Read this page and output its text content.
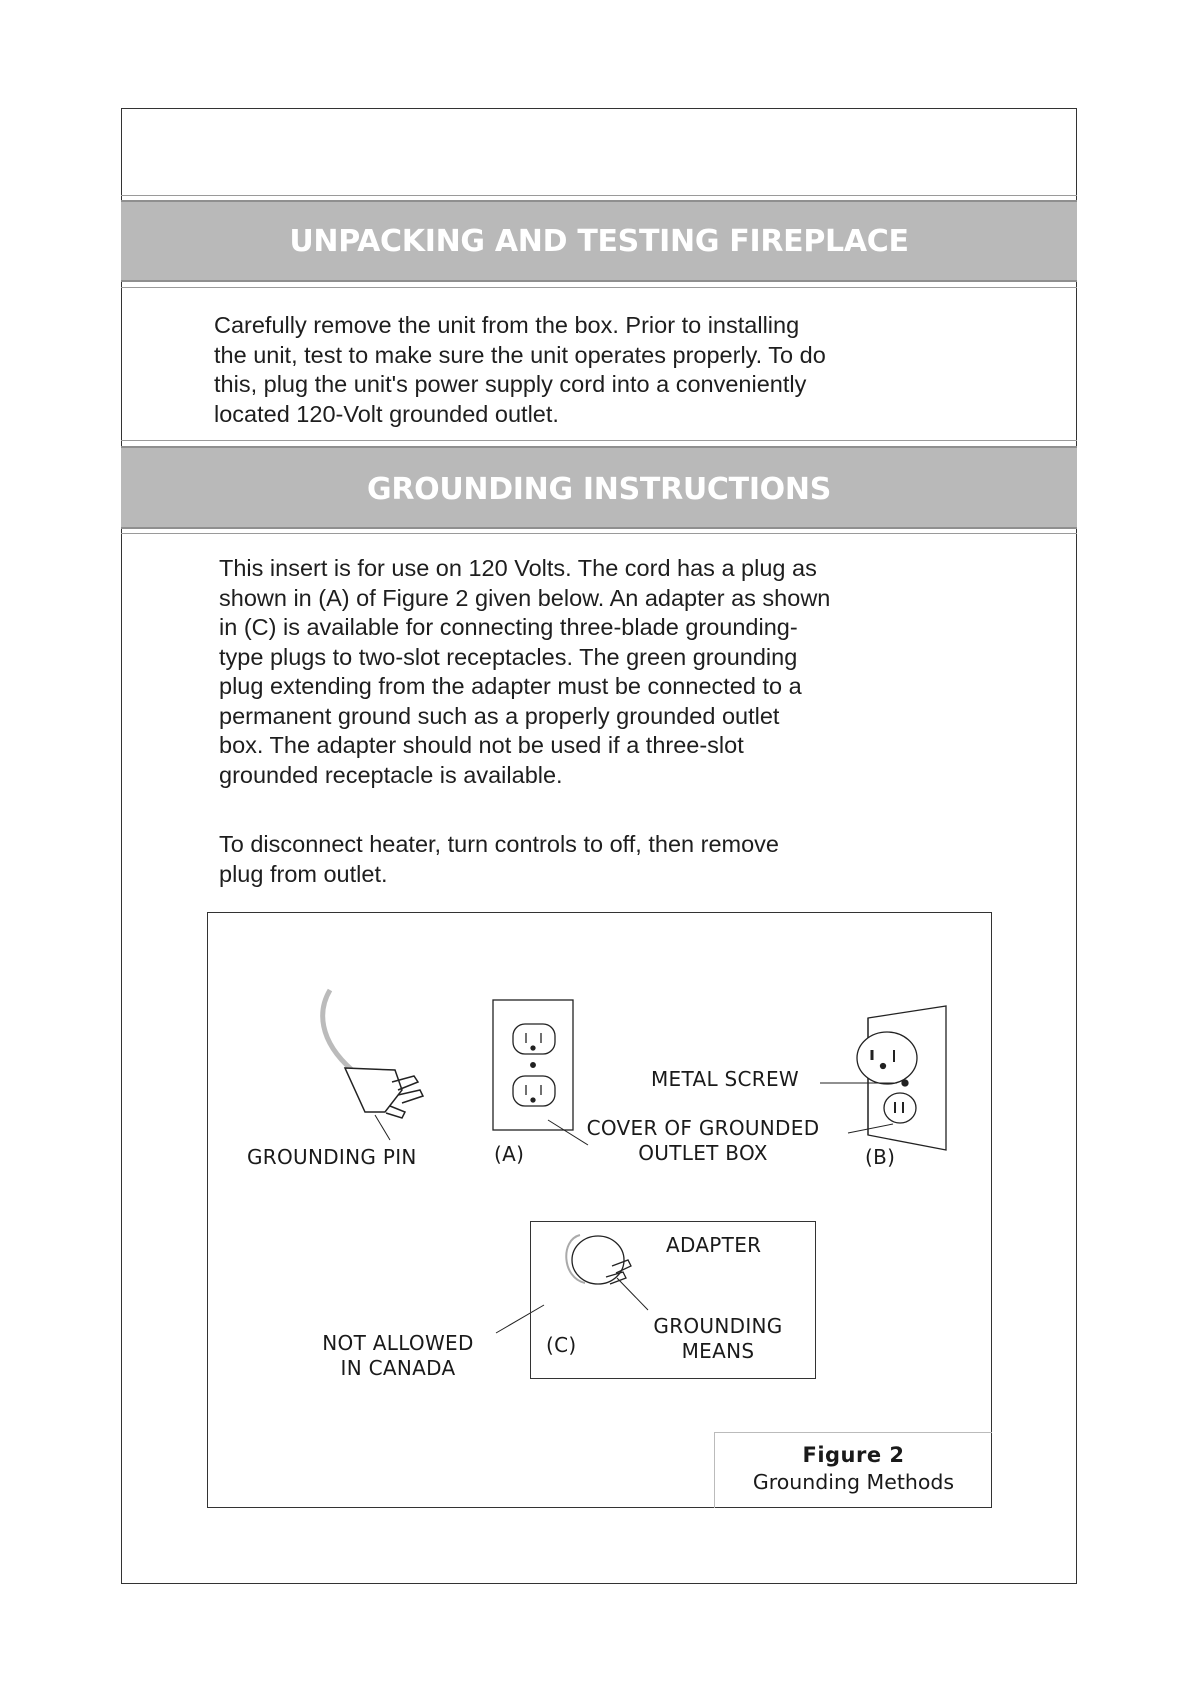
UNPACKING AND TESTING FIREPLACE
Carefully remove the unit from the box. Prior to installing
the unit, test to make sure the unit operates properly. To do
this, plug the unit's power supply cord into a conveniently
located 120-Volt grounded outlet.
GROUNDING INSTRUCTIONS
This insert is for use on 120 Volts. The cord has a plug as
shown in (A) of Figure 2 given below. An adapter as shown
in (C) is available for connecting three-blade grounding-
type plugs to two-slot receptacles. The green grounding
plug extending from the adapter must be connected to a
permanent ground such as a properly grounded outlet
box. The adapter should not be used if a three-slot
grounded receptacle is available.
To disconnect heater, turn controls to off, then remove
plug from outlet.
GROUNDING PIN	(A)
METAL SCREW
COVER OF GROUNDED
OUTLET BOX	(B)
ADAPTER
GROUNDING
MEANS
(C)
NOT ALLOWED
IN CANADA
Figure 2
Grounding Methods
